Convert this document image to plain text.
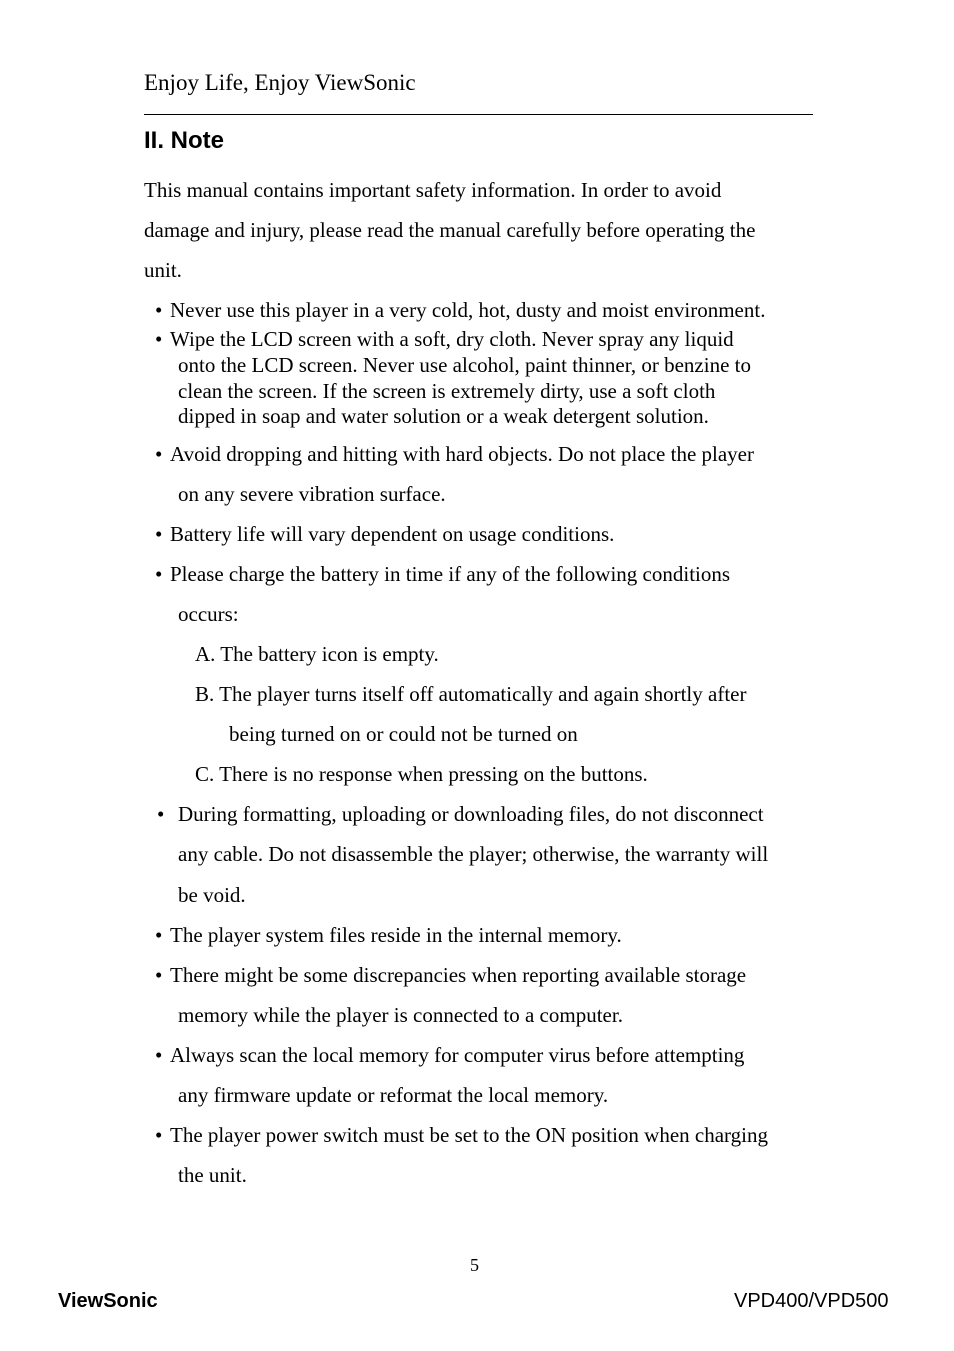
Enjoy Life, Enjoy ViewSonic
II. Note
This manual contains important safety information. In order to avoid
damage and injury, please read the manual carefully before operating the
unit.
• Never use this player in a very cold, hot, dusty and moist environment.
• Wipe the LCD screen with a soft, dry cloth. Never spray any liquid
onto the LCD screen. Never use alcohol, paint thinner, or benzine to
clean the screen. If the screen is extremely dirty, use a soft cloth
dipped in soap and water solution or a weak detergent solution.
• Avoid dropping and hitting with hard objects. Do not place the player
on any severe vibration surface.
• Battery life will vary dependent on usage conditions.
• Please charge the battery in time if any of the following conditions
occurs:
A. The battery icon is empty.
B. The player turns itself off automatically and again shortly after
being turned on or could not be turned on
C. There is no response when pressing on the buttons.
• During formatting, uploading or downloading files, do not disconnect
any cable. Do not disassemble the player; otherwise, the warranty will
be void.
• The player system files reside in the internal memory.
• There might be some discrepancies when reporting available storage
memory while the player is connected to a computer.
• Always scan the local memory for computer virus before attempting
any firmware update or reformat the local memory.
• The player power switch must be set to the ON position when charging
the unit.
5
ViewSonic	VPD400/VPD500
